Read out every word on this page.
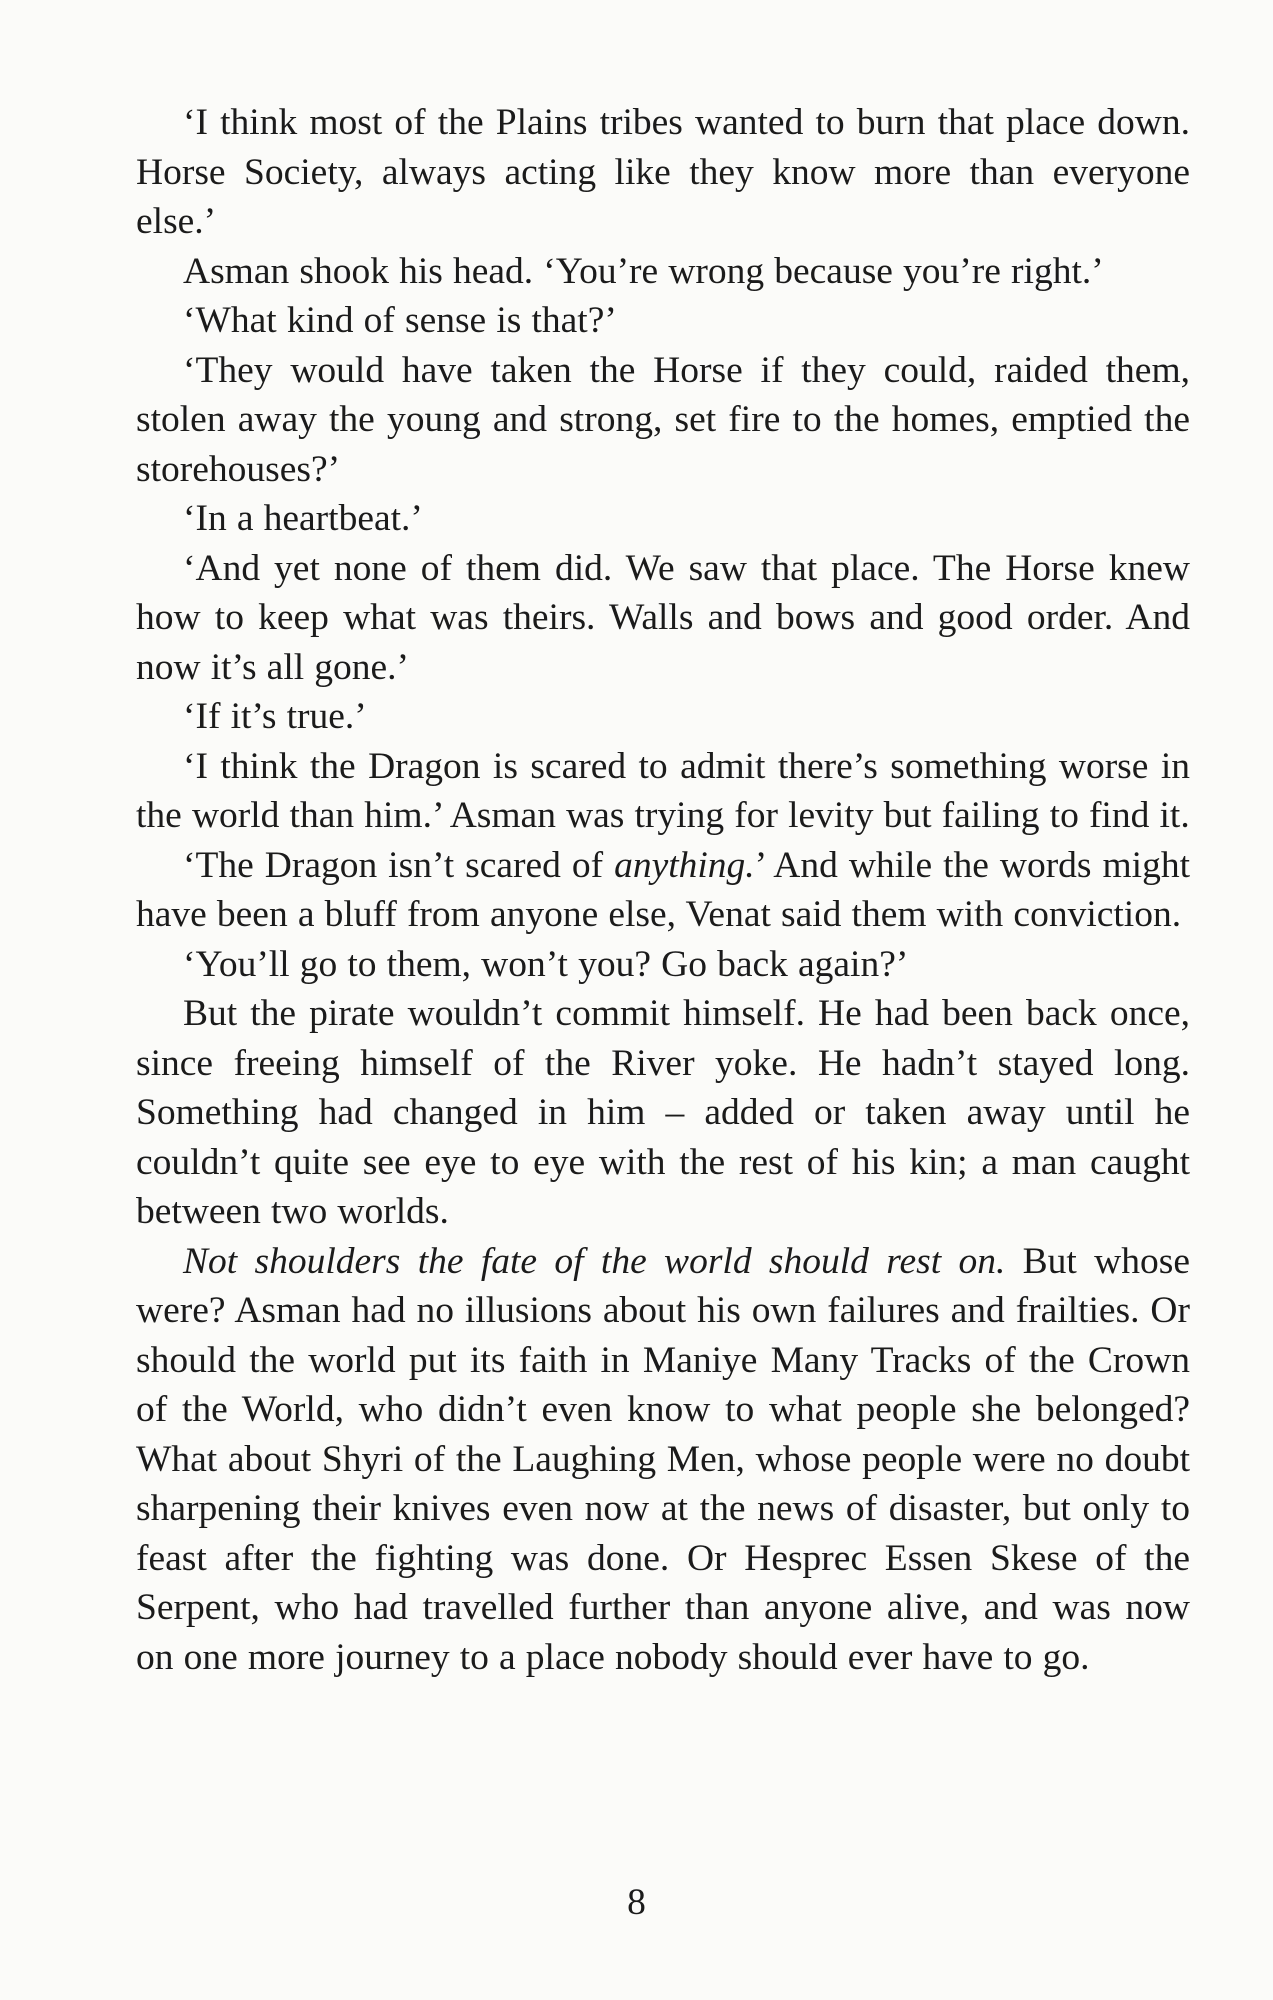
‘I think most of the Plains tribes wanted to burn that place down. Horse Society, always acting like they know more than everyone else.’

Asman shook his head. ‘You’re wrong because you’re right.’

‘What kind of sense is that?’

‘They would have taken the Horse if they could, raided them, stolen away the young and strong, set fire to the homes, emptied the storehouses?’

‘In a heartbeat.’

‘And yet none of them did. We saw that place. The Horse knew how to keep what was theirs. Walls and bows and good order. And now it’s all gone.’

‘If it’s true.’

‘I think the Dragon is scared to admit there’s something worse in the world than him.’ Asman was trying for levity but failing to find it.

‘The Dragon isn’t scared of anything.’ And while the words might have been a bluff from anyone else, Venat said them with conviction.

‘You’ll go to them, won’t you? Go back again?’

But the pirate wouldn’t commit himself. He had been back once, since freeing himself of the River yoke. He hadn’t stayed long. Something had changed in him – added or taken away until he couldn’t quite see eye to eye with the rest of his kin; a man caught between two worlds.

Not shoulders the fate of the world should rest on. But whose were? Asman had no illusions about his own failures and frailties. Or should the world put its faith in Maniye Many Tracks of the Crown of the World, who didn’t even know to what people she belonged? What about Shyri of the Laughing Men, whose people were no doubt sharpening their knives even now at the news of disaster, but only to feast after the fighting was done. Or Hesprec Essen Skese of the Serpent, who had travelled further than anyone alive, and was now on one more journey to a place nobody should ever have to go.

8
